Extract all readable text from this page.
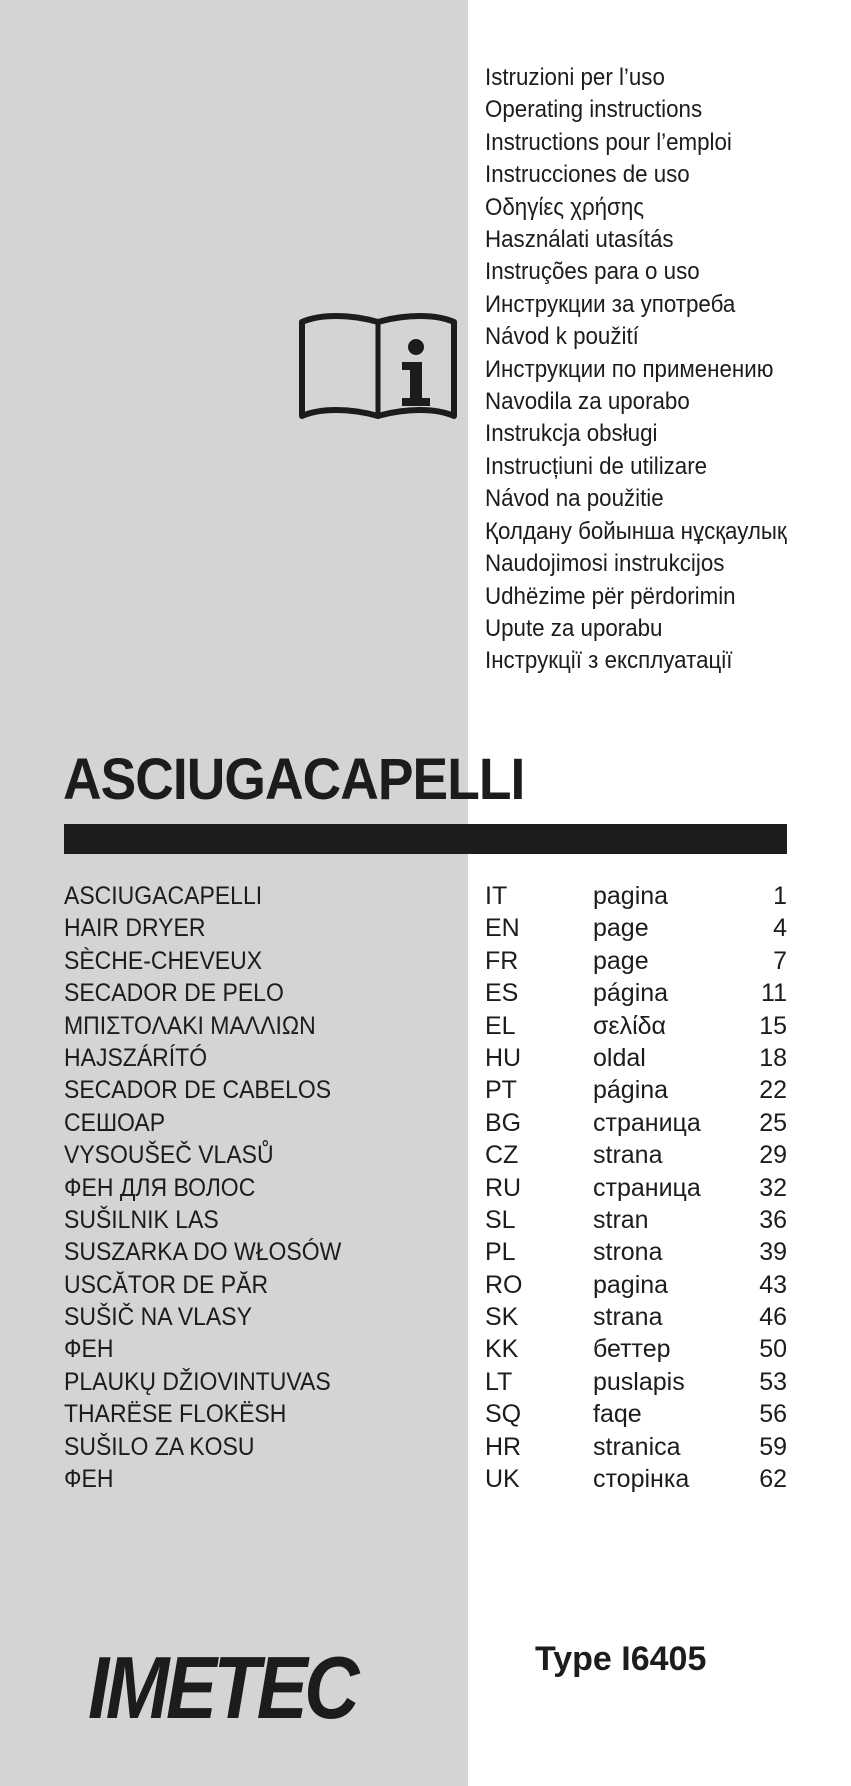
Istruzioni per l’uso
Operating instructions
Instructions pour l’emploi
Instrucciones de uso
Οδηγίες χρήσης
Használati utasítás
Instruções para o uso
Инструкции за употреба
Návod k použití
Инструкции по применению
Navodila za uporabo
Instrukcja obsługi
Instrucțiuni de utilizare
Návod na použitie
Қолдану бойынша нұсқаулық
Naudojimosi instrukcijos
Udhëzime për përdorimin
Upute za uporabu
Інструкції з експлуатації
ASCIUGACAPELLI
ASCIUGACAPELLI	IT	pagina	1
HAIR DRYER	EN	page	4
SÈCHE-CHEVEUX	FR	page	7
SECADOR DE PELO	ES	página	11
ΜΠΙΣΤΟΛΑΚΙ ΜΑΛΛΙΩΝ	EL	σελίδα	15
HAJSZÁRÍTÓ	HU	oldal	18
SECADOR DE CABELOS	PT	página	22
СЕШОАР	BG	страница 25
VYSOUŠEČ VLASŮ	CZ	strana	29
ФЕН ДЛЯ ВОЛОС	RU	страница 32
SUŠILNIK LAS	SL	stran	36
SUSZARKA DO WŁOSÓW	PL	strona	39
USCĂTOR DE PĂR	RO	pagina	43
SUŠIČ NA VLASY	SK	strana	46
ФЕН	KK	беттер	50
PLAUKŲ DŽIOVINTUVAS	LT	puslapis	53
THARËSE FLOKËSH	SQ	faqe	56
SUŠILO ZA KOSU	HR	stranica	59
ФЕН	UK	сторінка	62
IMETEC	Type I6405
